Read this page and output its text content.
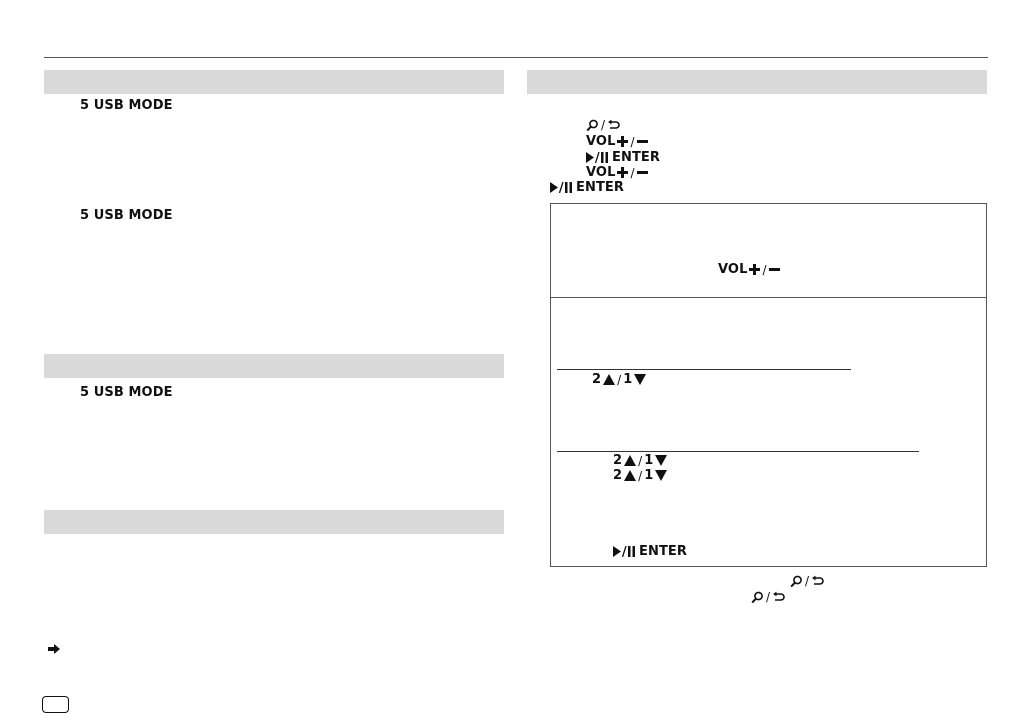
5 USB MODE
5 USB MODE
5 USB MODE
/
VOL /
ENTER
VOL /
ENTER
VOL /
2 / 1
2 / 1
2 / 1
ENTER
/
/
